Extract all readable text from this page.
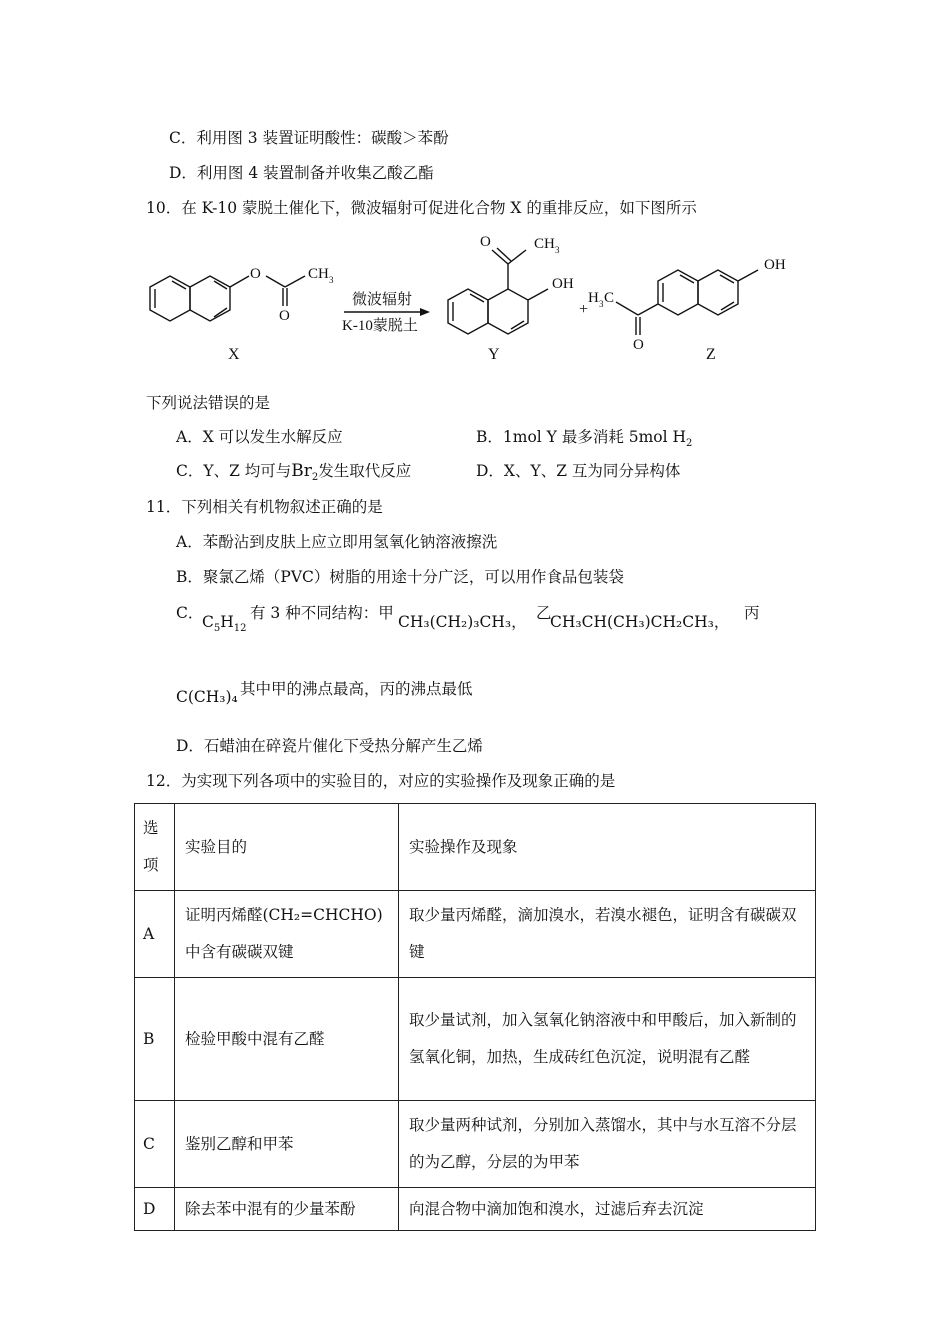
C．利用图 3 装置证明酸性：碳酸＞苯酚
D．利用图 4 装置制备并收集乙酸乙酯
10．在 K-10 蒙脱土催化下，微波辐射可促进化合物 X 的重排反应，如下图所示
O
O
CH 3
X
微波辐射
K-10蒙脱土
O	CH 3
OH
Y
+
H 3 C
O
OH
Z
下列说法错误的是
A．X 可以发生水解反应	B．1mol Y 最多消耗 5mol $H_2$
C．Y、Z 均可与$Br_2$发生取代反应	D．X、Y、Z 互为同分异构体
11．下列相关有机物叙述正确的是
A．苯酚沾到皮肤上应立即用氢氧化钠溶液擦洗
B．聚氯乙烯（PVC）树脂的用途十分广泛，可以用作食品包装袋
C．
$C_5H_{12}$
有 3 种不同结构：甲 CH₃(CH₂)₃CH₃， 乙
CH₃CH(CH₃)CH₂CH₃， 丙
C(CH₃)₄ 其中甲的沸点最高，丙的沸点最低
D．石蜡油在碎瓷片催化下受热分解产生乙烯
12．为实现下列各项中的实验目的，对应的实验操作及现象正确的是
选
项	实验目的	实验操作及现象
A	证明丙烯醛(CH₂=CHCHO)中含有碳碳双键	取少量丙烯醛，滴加溴水，若溴水褪色，证明含有碳碳双键
B	检验甲酸中混有乙醛	取少量试剂，加入氢氧化钠溶液中和甲酸后，加入新制的氢氧化铜，加热，生成砖红色沉淀，说明混有乙醛
C	鉴别乙醇和甲苯	取少量两种试剂，分别加入蒸馏水，其中与水互溶不分层的为乙醇，分层的为甲苯
D	除去苯中混有的少量苯酚	向混合物中滴加饱和溴水，过滤后弃去沉淀
